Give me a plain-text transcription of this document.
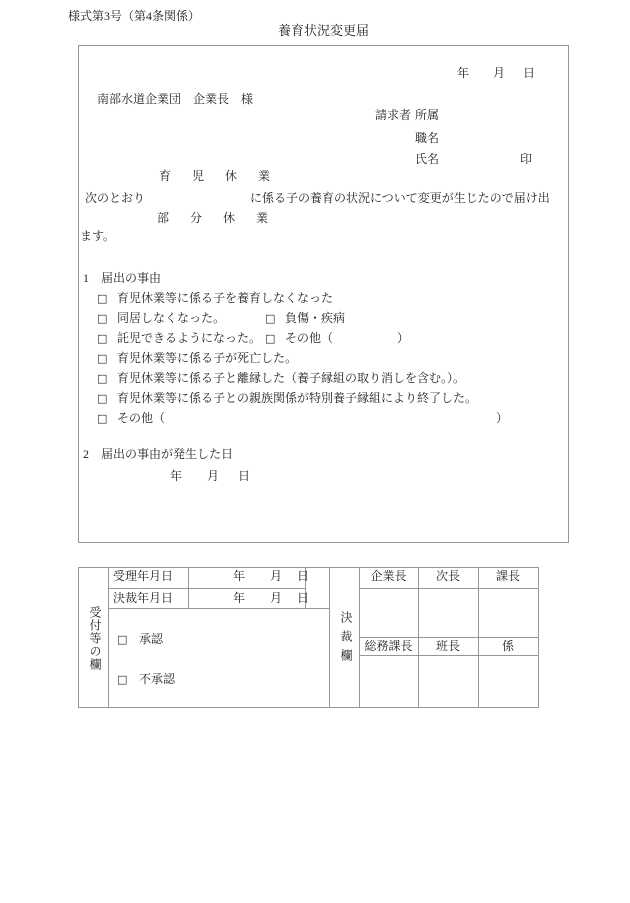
様式第3号（第4条関係）
養育状況変更届
年 月 日
南部水道企業団　企業長　様
請求者 所属
職名
氏名	印
育児休業
次のとおり	に係る子の養育の状況について変更が生じたので届け出
部分休業
ます。
1　届出の事由
□ 育児休業等に係る子を養育しなくなった
□ 同居しなくなった。	□ 負傷・疾病
□ 託児できるようになった。 □ その他（	）
□ 育児休業等に係る子が死亡した。
□ 育児休業等に係る子と離縁した（養子縁組の取り消しを含む。）。
□ 育児休業等に係る子との親族関係が特別養子縁組により終了した。
□ その他（	）
2　届出の事由が発生した日
年 月 日
受付等の欄
受理年月日	年 月 日
決裁年月日	年 月 日
□ 承認
□ 不承認
決裁欄
企業長	次長	課長
総務課長	班長	係
